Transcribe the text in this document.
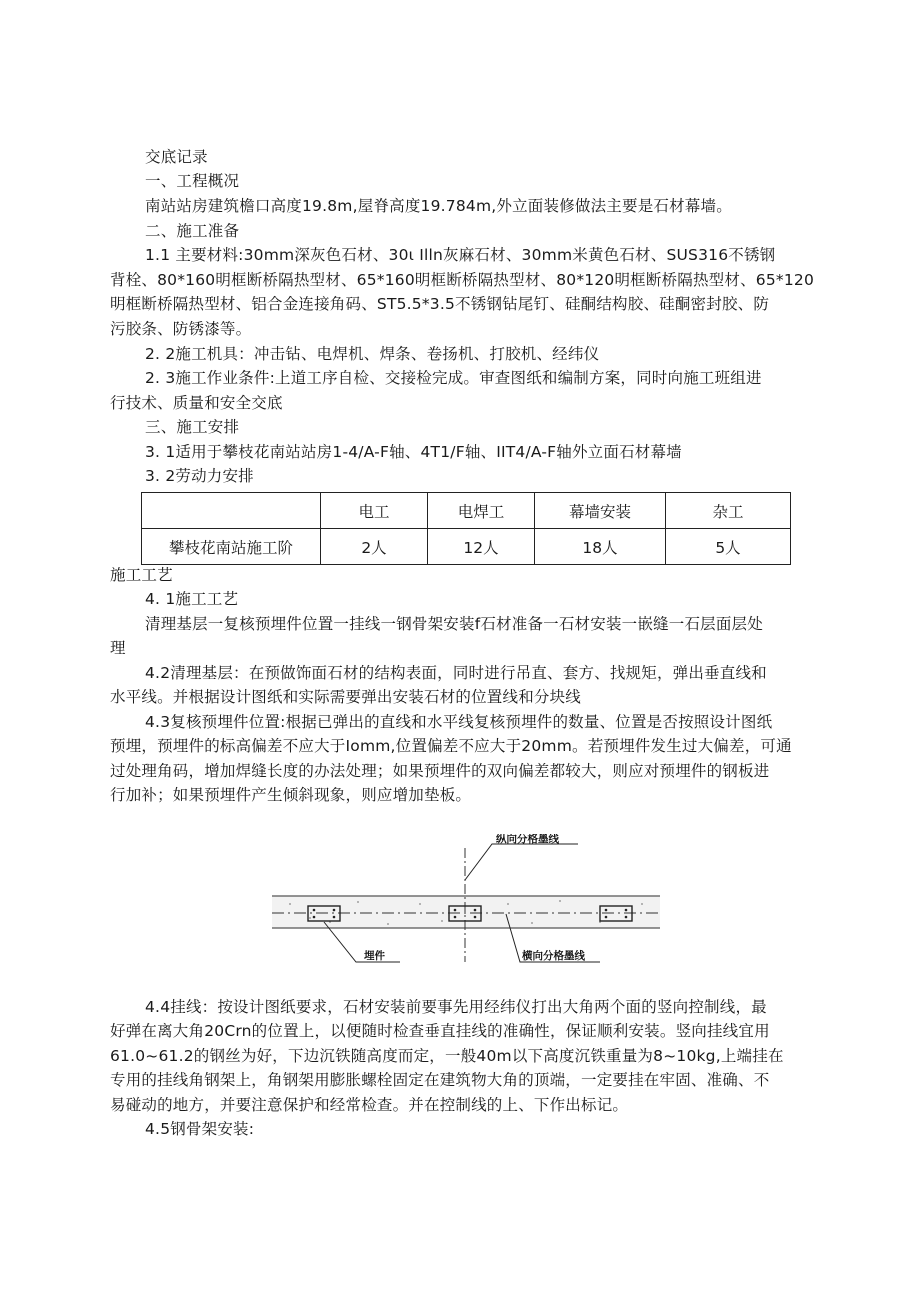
交底记录
一、工程概况
南站站房建筑檐口高度19.8m,屋脊高度19.784m,外立面装修做法主要是石材幕墙。
二、施工准备
1.1 主要材料:30mm深灰色石材、30ι Illn灰麻石材、30mm米黄色石材、SUS316不锈钢
背栓、80*160明框断桥隔热型材、65*160明框断桥隔热型材、80*120明框断桥隔热型材、65*120
明框断桥隔热型材、铝合金连接角码、ST5.5*3.5不锈钢钻尾钉、硅酮结构胶、硅酮密封胶、防
污胶条、防锈漆等。
2. 2施工机具：冲击钻、电焊机、焊条、卷扬机、打胶机、经纬仪
2. 3施工作业条件:上道工序自检、交接检完成。审查图纸和编制方案，同时向施工班组进
行技术、质量和安全交底
三、施工安排
3. 1适用于攀枝花南站站房1-4/A-F轴、4T1/F轴、IIT4/A-F轴外立面石材幕墙
3. 2劳动力安排
	电工	电焊工	幕墙安装	杂工
攀枝花南站施工阶	2人	12人	18人	5人
施工工艺
4. 1施工工艺
清理基层一复核预埋件位置一挂线一钢骨架安装f石材准备一石材安装一嵌缝一石层面层处
理
4.2清理基层：在预做饰面石材的结构表面，同时进行吊直、套方、找规矩，弹出垂直线和
水平线。并根据设计图纸和实际需要弹出安装石材的位置线和分块线
4.3复核预埋件位置:根据已弹出的直线和水平线复核预埋件的数量、位置是否按照设计图纸
预埋，预埋件的标高偏差不应大于Iomm,位置偏差不应大于20mm。若预埋件发生过大偏差，可通
过处理角码，增加焊缝长度的办法处理；如果预埋件的双向偏差都较大，则应对预埋件的钢板进
行加补；如果预埋件产生倾斜现象，则应增加垫板。
纵向分格墨线
埋件	横向分格墨线
4.4挂线：按设计图纸要求，石材安装前要事先用经纬仪打出大角两个面的竖向控制线，最
好弹在离大角20Crn的位置上，以便随时检查垂直挂线的准确性，保证顺利安装。竖向挂线宜用
61.0~61.2的钢丝为好，下边沉铁随高度而定，一般40m以下高度沉铁重量为8~10kg,上端挂在
专用的挂线角钢架上，角钢架用膨胀螺栓固定在建筑物大角的顶端，一定要挂在牢固、准确、不
易碰动的地方，并要注意保护和经常检查。并在控制线的上、下作出标记。
4.5钢骨架安装:
